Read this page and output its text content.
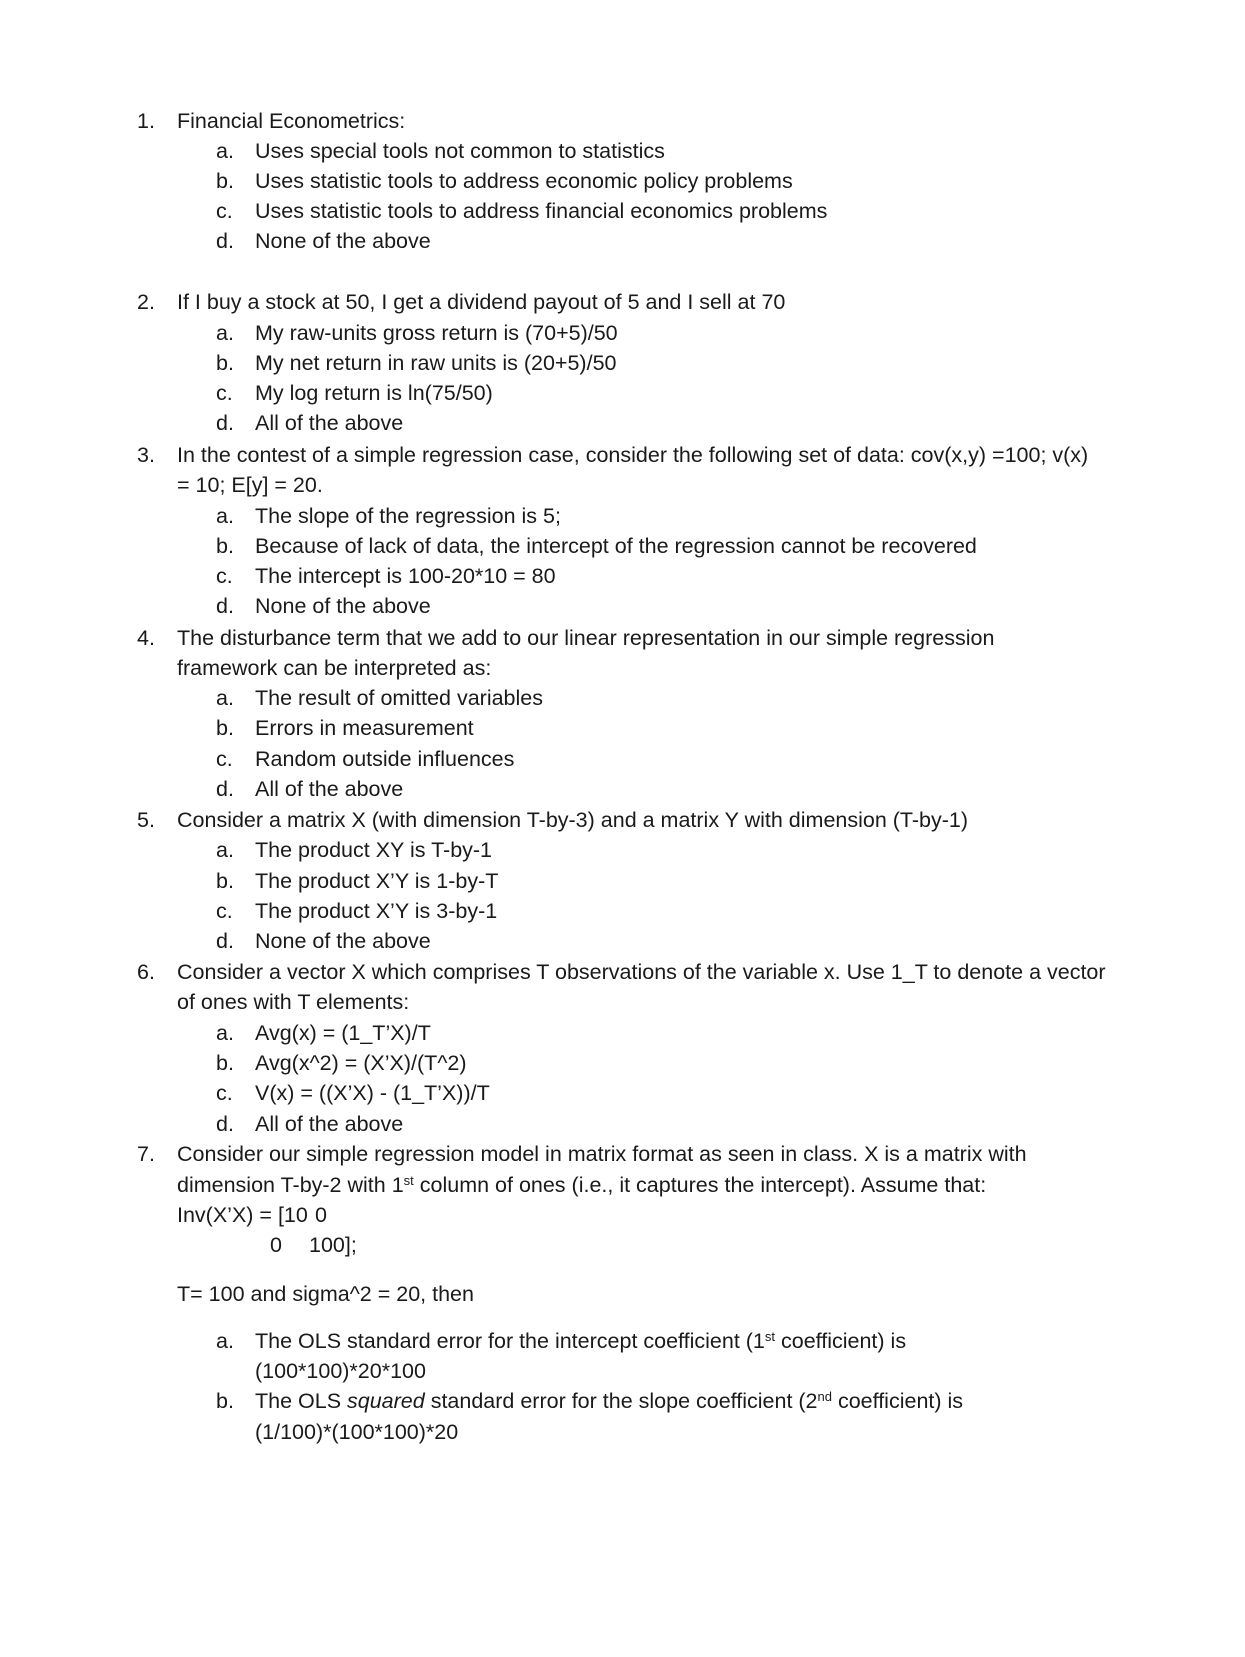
1. Financial Econometrics:
a. Uses special tools not common to statistics
b. Uses statistic tools to address economic policy problems
c. Uses statistic tools to address financial economics problems
d. None of the above
2. If I buy a stock at 50, I get a dividend payout of 5 and I sell at 70
a. My raw-units gross return is (70+5)/50
b. My net return in raw units is (20+5)/50
c. My log return is ln(75/50)
d. All of the above
3. In the contest of a simple regression case, consider the following set of data: cov(x,y) =100; v(x)
= 10; E[y] = 20.
a. The slope of the regression is 5;
b. Because of lack of data, the intercept of the regression cannot be recovered
c. The intercept is 100-20*10 = 80
d. None of the above
4. The disturbance term that we add to our linear representation in our simple regression
framework can be interpreted as:
a. The result of omitted variables
b. Errors in measurement
c. Random outside influences
d. All of the above
5. Consider a matrix X (with dimension T-by-3) and a matrix Y with dimension (T-by-1)
a. The product XY is T-by-1
b. The product X’Y is 1-by-T
c. The product X’Y is 3-by-1
d. None of the above
6. Consider a vector X which comprises T observations of the variable x. Use 1_T to denote a vector
of ones with T elements:
a. Avg(x) = (1_T’X)/T
b. Avg(x^2) = (X’X)/(T^2)
c. V(x) = ((X’X) - (1_T’X))/T
d. All of the above
7. Consider our simple regression model in matrix format as seen in class. X is a matrix with
dimension T-by-2 with 1st column of ones (i.e., it captures the intercept). Assume that:
Inv(X’X) = [10 0
0 100];
T= 100 and sigma^2 = 20, then
a. The OLS standard error for the intercept coefficient (1st coefficient) is
(100*100)*20*100
b. The OLS squared standard error for the slope coefficient (2nd coefficient) is
(1/100)*(100*100)*20
